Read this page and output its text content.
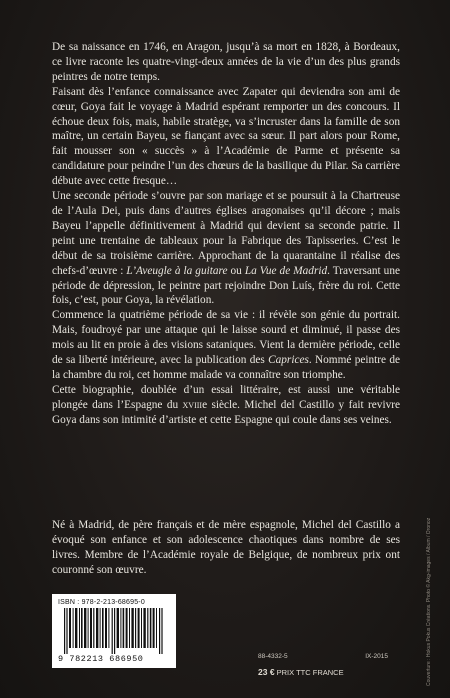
De sa naissance en 1746, en Aragon, jusqu’à sa mort en 1828, à Bordeaux, ce livre raconte les quatre-vingt-deux années de la vie d’un des plus grands peintres de notre temps.

Faisant dès l’enfance connaissance avec Zapater qui deviendra son ami de cœur, Goya fait le voyage à Madrid espérant remporter un des concours. Il échoue deux fois, mais, habile stratège, va s’incruster dans la famille de son maître, un certain Bayeu, se fiançant avec sa sœur. Il part alors pour Rome, fait mousser son « succès » à l’Académie de Parme et présente sa candidature pour peindre l’un des chœurs de la basilique du Pilar. Sa carrière débute avec cette fresque…

Une seconde période s’ouvre par son mariage et se poursuit à la Chartreuse de l’Aula Dei, puis dans d’autres églises aragonaises qu’il décore ; mais Bayeu l’appelle définitivement à Madrid qui devient sa seconde patrie. Il peint une trentaine de tableaux pour la Fabrique des Tapisseries. C’est le début de sa troisième carrière. Approchant de la quarantaine il réalise des chefs-d’œuvre : L’Aveugle à la guitare ou La Vue de Madrid. Traversant une période de dépression, le peintre part rejoindre Don Luís, frère du roi. Cette fois, c’est, pour Goya, la révélation.

Commence la quatrième période de sa vie : il révèle son génie du portrait. Mais, foudroyé par une attaque qui le laisse sourd et diminué, il passe des mois au lit en proie à des visions sataniques. Vient la dernière période, celle de sa liberté intérieure, avec la publication des Caprices. Nommé peintre de la chambre du roi, cet homme malade va connaître son triomphe.

Cette biographie, doublée d’un essai littéraire, est aussi une véritable plongée dans l’Espagne du xviiie siècle. Michel del Castillo y fait revivre Goya dans son intimité d’artiste et cette Espagne qui coule dans ses veines.

Né à Madrid, de père français et de mère espagnole, Michel del Castillo a évoqué son enfance et son adolescence chaotiques dans nombre de ses livres. Membre de l’Académie royale de Belgique, de nombreux prix ont couronné son œuvre.

ISBN : 978-2-213-68695-0
9 782213 686950	88-4332-5	IX-2015
23 € PRIX TTC FRANCE	Couverture : Hokus Pokus Créations. Photo © Akg-images / Album / Oronoz
